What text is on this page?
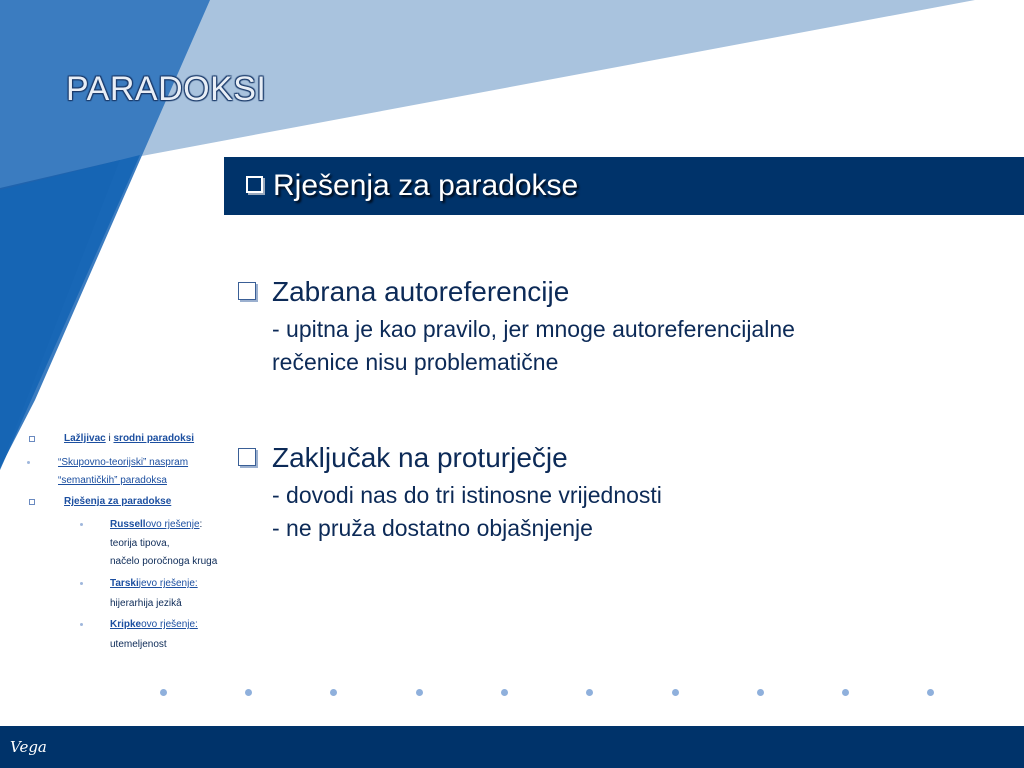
PARADOKSI
Rješenja za paradokse
Zabrana autoreferencije
- upitna je kao pravilo, jer mnoge autoreferencijalne
rečenice nisu problematične
Zaključak na proturječje
- dovodi nas do tri istinosne vrijednosti
- ne pruža dostatno objašnjenje
Lažljivac i srodni paradoksi
“Skupovno-teorijski” naspram
“semantičkih” paradoksa
Rješenja za paradokse
Russellovo rješenje:
teorija tipova,
načelo poročnoga kruga
Tarskijevo rješenje:
hijerarhija jezikâ
Kripkeovo rješenje:
utemeljenost
Vega
